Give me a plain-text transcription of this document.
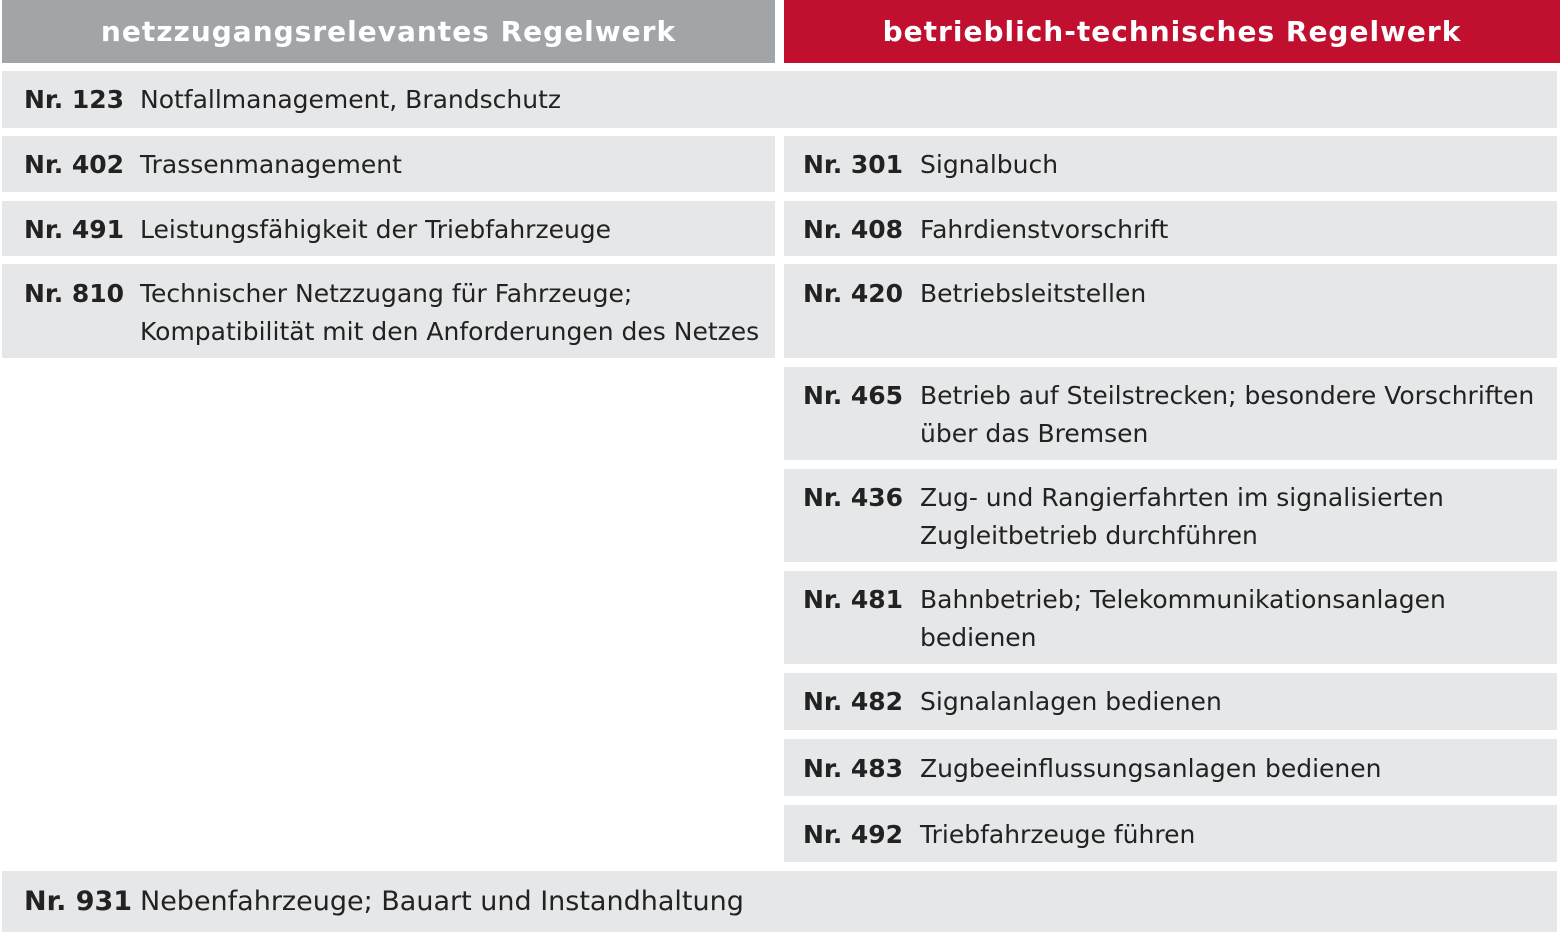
netzzugangsrelevantes Regelwerk	betrieblich-technisches Regelwerk
Nr. 123 Notfallmanagement, Brandschutz
Nr. 402 Trassenmanagement
Nr. 491 Leistungsfähigkeit der Triebfahrzeuge
Nr. 810 Technischer Netzzugang für Fahrzeuge;
Kompatibilität mit den Anforderungen des Netzes
Nr. 301 Signalbuch
Nr. 408 Fahrdienstvorschrift
Nr. 420 Betriebsleitstellen
Nr. 465 Betrieb auf Steilstrecken; besondere Vorschriften
über das Bremsen
Nr. 436 Zug- und Rangierfahrten im signalisierten
Zugleitbetrieb durchführen
Nr. 481 Bahnbetrieb; Telekommunikationsanlagen
bedienen
Nr. 482 Signalanlagen bedienen
Nr. 483 Zugbeeinflussungsanlagen bedienen
Nr. 492 Triebfahrzeuge führen
Nr. 931 Nebenfahrzeuge; Bauart und Instandhaltung
